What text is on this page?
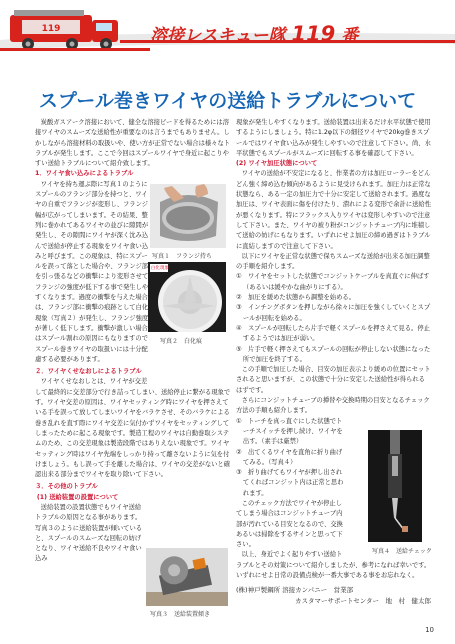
119	溶接レスキュー隊 119 番
スプール巻きワイヤの送給トラブルについて

炭酸ガスアーク溶接において、健全な溶接ビードを得るためには溶接ワイヤのスムーズな送給性が重要なのは言うまでもありません。しかしながら溶接材料の取扱いや、使い方が正常でない場合は様々なトラブルが発生します。ここで今回はスプールワイヤで身近に起こりやすい送給トラブルについて紹介致します。

1．ワイヤ食い込みによるトラブル

ワイヤを持ち運ぶ際に写真１のようにスプールのフランジ部分を持つと、ワイヤの自重でフランジが変形し、フランジ幅が広がってしまいます。その結果、整列に巻かれてあるワイヤの並びに隙間が発生し、その隙間にワイヤが深く沈み込んで送給が停止する現象をワイヤ食い込みと呼びます。この現象は、特にスプールを誤って落とした場合や、フランジ部を引っ張るなどの衝撃により変形させてフランジの強度が低下する事で発生しやすくなります。過度の衝撃を与えた場合は、フランジ部に衝撃の痕跡として白化現象（写真２）が発生し、フランジ強度が著しく低下します。衝撃が激しい場合はスプール割れの原因にもなりますのでスプール巻きワイヤの取扱いには十分配慮する必要があります。

２．ワイヤくせなおしによるトラブル

ワイヤくせなおしとは、ワイヤが交差して最終的に交差部分で行き詰ってしまい、送給停止に繋がる現象です。ワイヤ交差の原因は、ワイヤセッティング時にワイヤを押さえている手を誤って放してしまいワイヤをバラケさせ、そのバラケによる巻き乱れを直す際にワイヤ交差に気付かずワイヤをセッティングしてしまったために起こる現象です。製造工程のワイヤは自動巻取システムのため、この交差現象は製造段階ではありえない現象です。ワイヤセッティング時はワイヤ先端をしっかり持って離さないように気を付けましょう。もし誤って手を離した場合は、ワイヤの交差がないと確認出来る部分までワイヤを取り除いて下さい。

３．その他のトラブル

(1) 送給装置の設置について

送給装置の設置状態でもワイヤ送給トラブルの原因となる事があります。写真３のように送給装置が傾いていると、スプールのスムーズな回転の妨げとなり、ワイヤ送給不良やワイヤ食い込み

現象が発生しやすくなります。送給装置は出来るだけ水平状態で使用するようにしましょう。特に1.2φ以下の細径ワイヤで20kg巻きスプールではワイヤ食い込みが発生しやすいので注意して下さい。尚、水平状態でもスプールがスムーズに回転する事を確認して下さい。

(2) ワイヤ加圧状態について

ワイヤの送給が不安定になると、作業者の方は加圧ローラーをどんどん強く締め込む傾向があるように見受けられます。加圧力は正常な状態なら、ある一定の加圧力で十分に安定して送給されます。過度な加圧は、ワイヤ表面に傷を付けたり、潰れによる変形で余計に送給性が悪くなります。特にフラックス入りワイヤは変形しやすいので注意して下さい。また、ワイヤの被り粉がコンジットチューブ内に堆積して送給の妨げにもなります。いずれにせよ加圧の締め過ぎはトラブルに直結しますので注意して下さい。

以下にワイヤを正常な状態で保ちスムーズな送給が出来る加圧調整の手順を紹介します。

①　ワイヤをセットした状態でコンジットケーブルを真直ぐに伸ばす（あるいは緩やかな曲がりにする）。

②　加圧を緩めた状態から調整を始める。

③　インチングボタンを押しながら徐々に加圧を強くしていくとスプールが回転を始める。

④　スプールが回転したら片手で軽くスプールを押さえて見る。停止するようでは加圧が弱い。

⑤　片手で軽く押さえてもスプールの回転が停止しない状態になった所で加圧を終了する。

この手順で加圧した場合、目安の加圧表示より緩めの位置にセットされると思いますが、この状態で十分に安定した送給性が得られるはずです。

さらにコンジットチューブの挿替や交換時期の目安となるチェック方法の手順も紹介します。

①　トーチを真っ直ぐにした状態でトーチスイッチを押し続け、ワイヤを出す。（素手は厳禁）

②　出てくるワイヤを直角に折り曲げてみる。（写真４）

③　折り曲げてもワイヤが押し出されてくればコンジット内は正常と思われます。

このチェック方法でワイヤが停止してしまう場合はコンジットチューブ内部が汚れている目安となるので、交換あるいは掃除をするサインと思って下さい。

以上、身近でよく起りやすい送給トラブルとその対策について紹介しましたが、参考になれば幸いです。いずれにせよ日常の設備点検が一番大事である事をお忘れなく。

(株)神戸製鋼所 溶接カンパニー　営業部

カスタマーサポートセンター　地　村　健太郎

写真１　フランジ持ち
白化現象
写真２　白化痕
写真３　送給装置傾き
写真４　送給チェック
10
